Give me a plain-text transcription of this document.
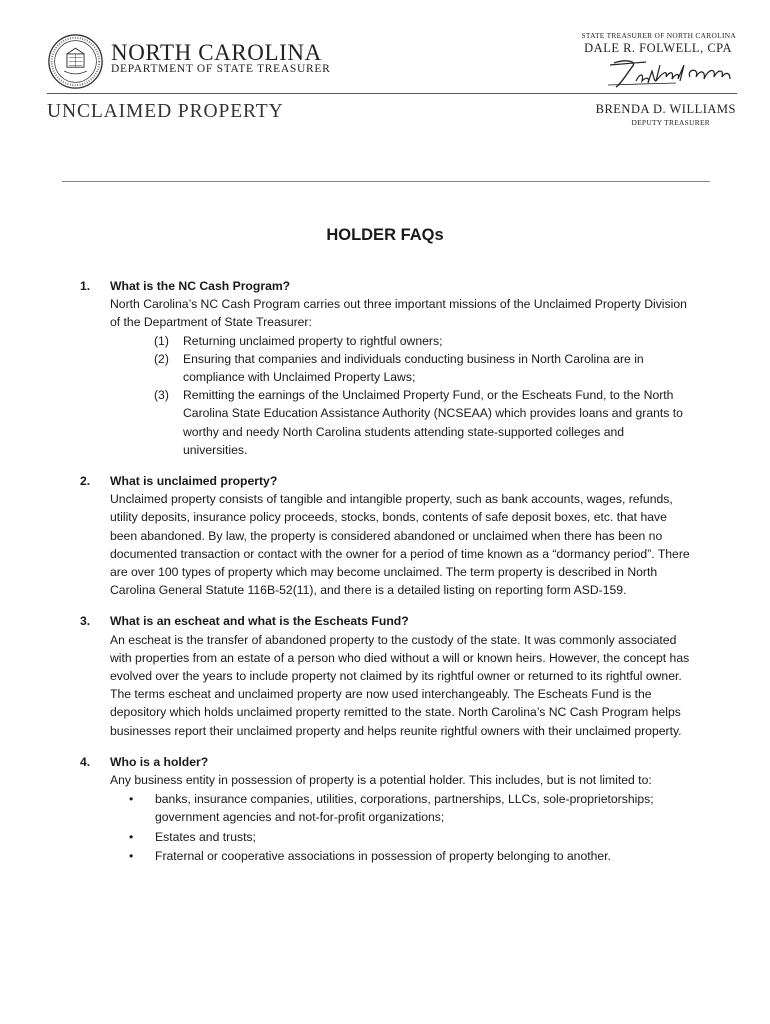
NORTH CAROLINA
DEPARTMENT OF STATE TREASURER
UNCLAIMED PROPERTY
STATE TREASURER OF NORTH CAROLINA
DALE R. FOLWELL, CPA
BRENDA D. WILLIAMS
DEPUTY TREASURER
HOLDER FAQs
1. What is the NC Cash Program?
North Carolina’s NC Cash Program carries out three important missions of the Unclaimed Property Division of the Department of State Treasurer:
(1) Returning unclaimed property to rightful owners;
(2) Ensuring that companies and individuals conducting business in North Carolina are in compliance with Unclaimed Property Laws;
(3) Remitting the earnings of the Unclaimed Property Fund, or the Escheats Fund, to the North Carolina State Education Assistance Authority (NCSEAA) which provides loans and grants to worthy and needy North Carolina students attending state-supported colleges and universities.
2. What is unclaimed property?
Unclaimed property consists of tangible and intangible property, such as bank accounts, wages, refunds, utility deposits, insurance policy proceeds, stocks, bonds, contents of safe deposit boxes, etc. that have been abandoned. By law, the property is considered abandoned or unclaimed when there has been no documented transaction or contact with the owner for a period of time known as a “dormancy period”. There are over 100 types of property which may become unclaimed. The term property is described in North Carolina General Statute 116B-52(11), and there is a detailed listing on reporting form ASD-159.
3. What is an escheat and what is the Escheats Fund?
An escheat is the transfer of abandoned property to the custody of the state. It was commonly associated with properties from an estate of a person who died without a will or known heirs. However, the concept has evolved over the years to include property not claimed by its rightful owner or returned to its rightful owner. The terms escheat and unclaimed property are now used interchangeably. The Escheats Fund is the depository which holds unclaimed property remitted to the state. North Carolina’s NC Cash Program helps businesses report their unclaimed property and helps reunite rightful owners with their unclaimed property.
4. Who is a holder?
Any business entity in possession of property is a potential holder. This includes, but is not limited to:
• banks, insurance companies, utilities, corporations, partnerships, LLCs, sole-proprietorships; government agencies and not-for-profit organizations;
• Estates and trusts;
• Fraternal or cooperative associations in possession of property belonging to another.
